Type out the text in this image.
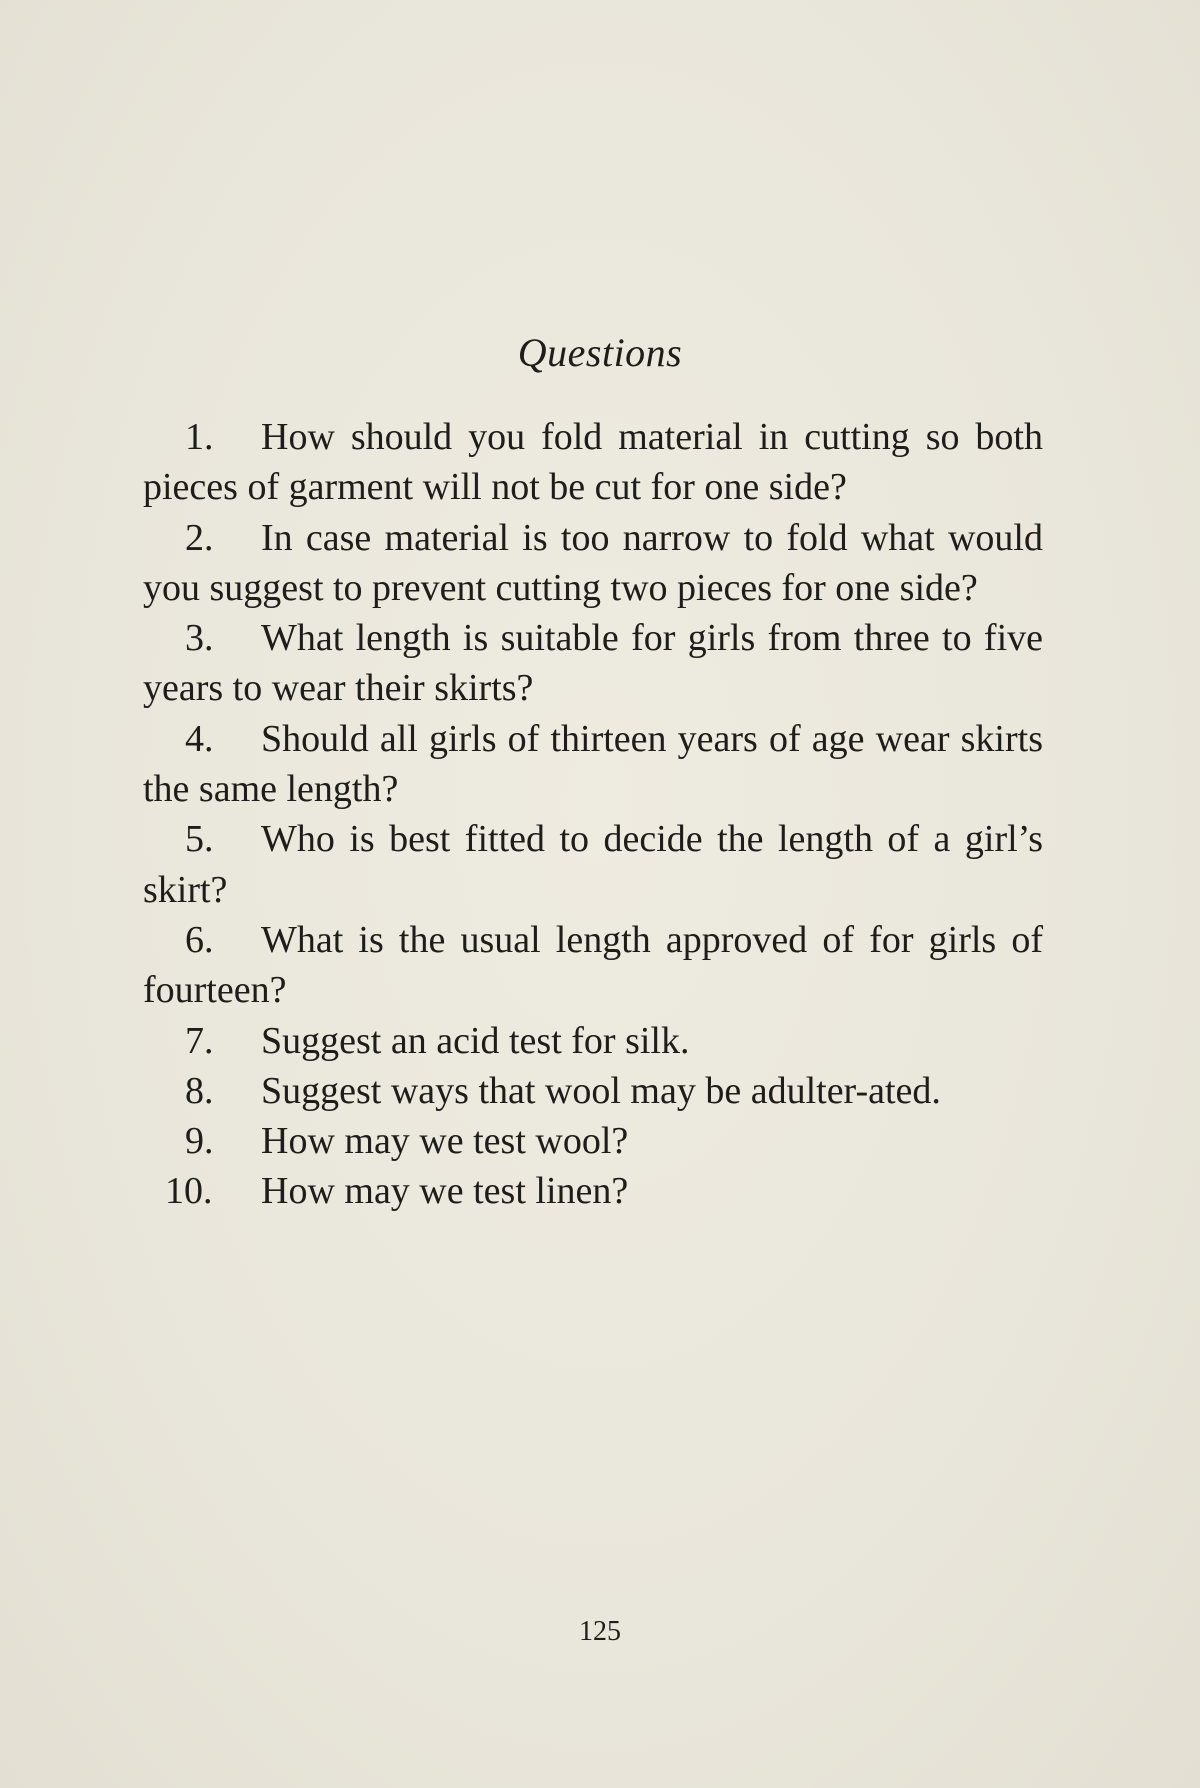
Questions

1. How should you fold material in cutting so both pieces of garment will not be cut for one side?

2. In case material is too narrow to fold what would you suggest to prevent cutting two pieces for one side?

3. What length is suitable for girls from three to five years to wear their skirts?

4. Should all girls of thirteen years of age wear skirts the same length?

5. Who is best fitted to decide the length of a girl’s skirt?

6. What is the usual length approved of for girls of fourteen?

7. Suggest an acid test for silk.

8. Suggest ways that wool may be adulter-ated.

9. How may we test wool?

10. How may we test linen?

125
